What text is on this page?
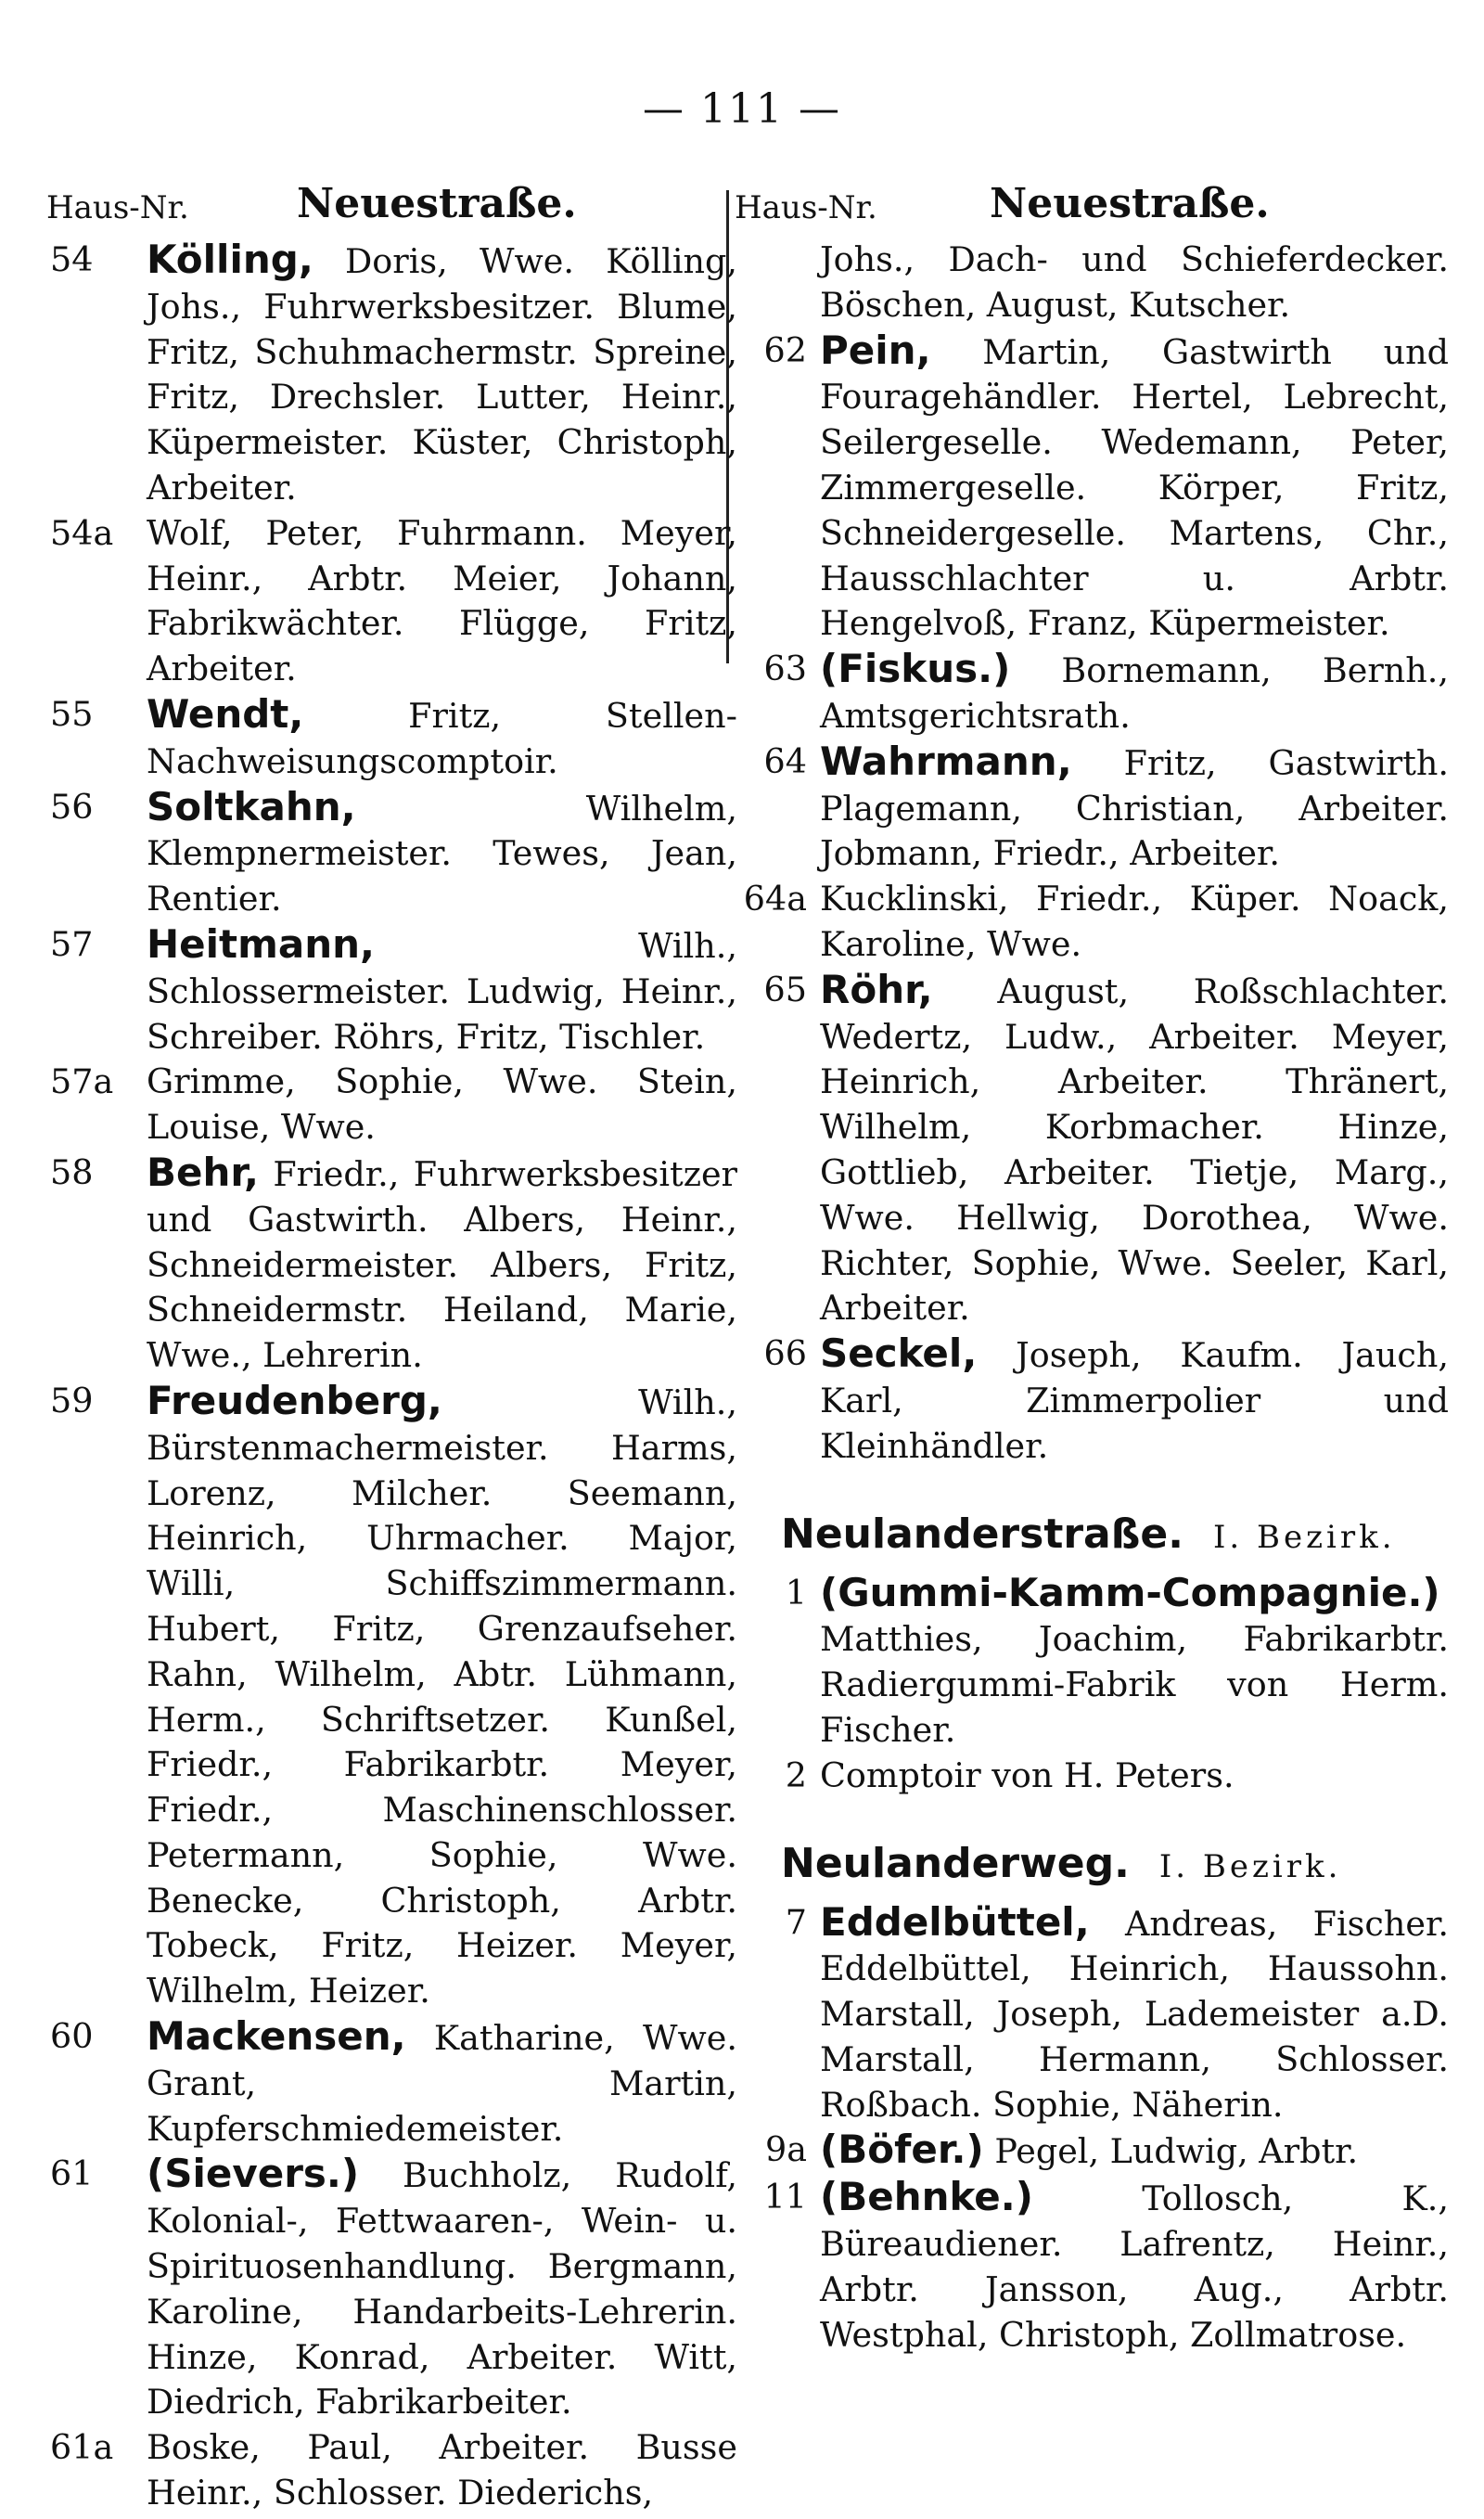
— 111 —
Haus-Nr.	Neuestraße.
54	Kölling, Doris, Wwe. Kölling, Johs., Fuhrwerksbesitzer. Blume, Fritz, Schuhmachermstr. Spreine, Fritz, Drechsler. Lutter, Heinr., Küpermeister. Küster, Christoph, Arbeiter.
54a Wolf, Peter, Fuhrmann. Meyer, Heinr., Arbtr. Meier, Johann, Fabrikwächter. Flügge, Fritz, Arbeiter.
55	Wendt,	Fritz, Stellen-Nachweisungscomptoir.
56	Soltkahn,	Wilhelm, Klempnermeister. Tewes, Jean, Rentier.
57	Heitmann,	Wilh., Schlossermeister. Ludwig, Heinr., Schreiber. Röhrs, Fritz, Tischler.
57a Grimme, Sophie, Wwe. Stein, Louise, Wwe.
58	Behr, Friedr., Fuhrwerksbesitzer und Gastwirth. Albers, Heinr., Schneidermeister. Albers, Fritz, Schneidermstr. Heiland, Marie, Wwe., Lehrerin.
59	Freudenberg,	Wilh., Bürstenmachermeister. Harms, Lorenz, Milcher. Seemann, Heinrich, Uhrmacher. Major, Willi, Schiffszimmermann. Hubert, Fritz, Grenzaufseher. Rahn, Wilhelm, Abtr. Lühmann, Herm., Schriftsetzer. Kunßel, Friedr., Fabrikarbtr. Meyer, Friedr., Maschinenschlosser. Petermann, Sophie, Wwe. Benecke, Christoph, Arbtr. Tobeck, Fritz, Heizer. Meyer, Wilhelm, Heizer.
60	Mackensen, Katharine, Wwe. Grant, Martin, Kupferschmiedemeister.
61	(Sievers.) Buchholz, Rudolf, Kolonial-, Fettwaaren-, Wein- u. Spirituosenhandlung. Bergmann, Karoline, Handarbeits-Lehrerin. Hinze, Konrad, Arbeiter. Witt, Diedrich, Fabrikarbeiter.
61a Boske, Paul, Arbeiter. Busse Heinr., Schlosser. Diederichs,
Haus-Nr.	Neuestraße.
Johs., Dach- und Schieferdecker. Böschen, August, Kutscher.
62 Pein, Martin, Gastwirth und Fouragehändler. Hertel, Lebrecht, Seilergeselle. Wedemann, Peter, Zimmergeselle. Körper, Fritz, Schneidergeselle. Martens, Chr., Hausschlachter u. Arbtr. Hengelvoß, Franz, Küpermeister.
63 (Fiskus.) Bornemann, Bernh., Amtsgerichtsrath.
64 Wahrmann, Fritz, Gastwirth. Plagemann, Christian, Arbeiter. Jobmann, Friedr., Arbeiter.
64a Kucklinski, Friedr., Küper. Noack, Karoline, Wwe.
65 Röhr, August, Roßschlachter. Wedertz, Ludw., Arbeiter. Meyer, Heinrich, Arbeiter. Thränert, Wilhelm, Korbmacher. Hinze, Gottlieb, Arbeiter. Tietje, Marg., Wwe. Hellwig, Dorothea, Wwe. Richter, Sophie, Wwe. Seeler, Karl, Arbeiter.
66 Seckel, Joseph, Kaufm. Jauch, Karl, Zimmerpolier und Kleinhändler.
Neulanderstraße. I. Bezirk.
1 (Gummi-Kamm-Compagnie.) Matthies, Joachim, Fabrikarbtr. Radiergummi-Fabrik von Herm. Fischer.
2 Comptoir von H. Peters.
Neulanderweg. I. Bezirk.
7 Eddelbüttel, Andreas, Fischer. Eddelbüttel, Heinrich, Haussohn. Marstall, Joseph, Lademeister a.D. Marstall, Hermann, Schlosser. Roßbach. Sophie, Näherin.
9a (Böfer.) Pegel, Ludwig, Arbtr.
11 (Behnke.)	Tollosch, K., Büreaudiener. Lafrentz, Heinr., Arbtr. Jansson, Aug., Arbtr. Westphal, Christoph, Zollmatrose.
